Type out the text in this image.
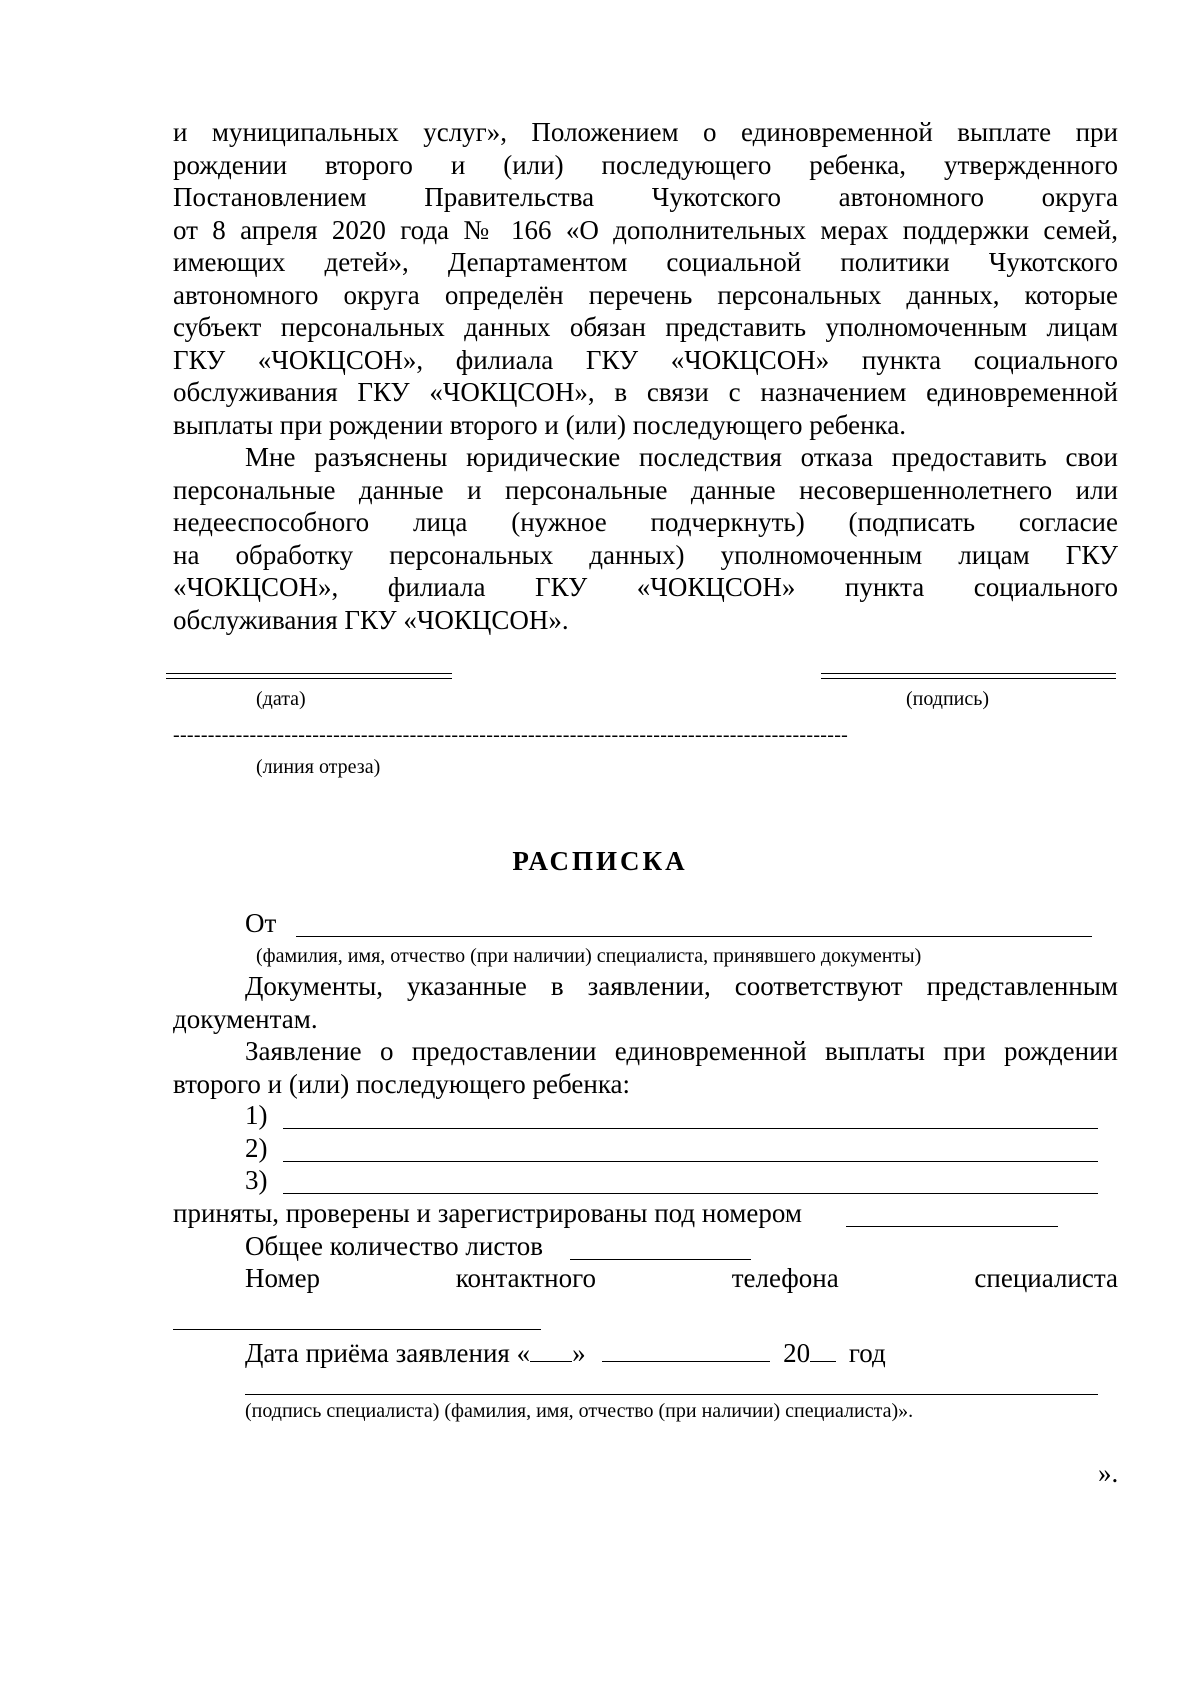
и муниципальных услуг», Положением о единовременной выплате при
рождении второго и (или) последующего ребенка, утвержденного
Постановлением Правительства Чукотского автономного округа
от 8 апреля 2020 года № 166 «О дополнительных мерах поддержки семей,
имеющих детей», Департаментом социальной политики Чукотского
автономного округа определён перечень персональных данных, которые
субъект персональных данных обязан представить уполномоченным лицам
ГКУ «ЧОКЦСОН», филиала ГКУ «ЧОКЦСОН» пункта социального
обслуживания ГКУ «ЧОКЦСОН», в связи с назначением единовременной
выплаты при рождении второго и (или) последующего ребенка.
Мне разъяснены юридические последствия отказа предоставить свои
персональные данные и персональные данные несовершеннолетнего или
недееспособного лица (нужное подчеркнуть) (подписать согласие
на обработку персональных данных) уполномоченным лицам ГКУ
«ЧОКЦСОН», филиала ГКУ «ЧОКЦСОН» пункта социального
обслуживания ГКУ «ЧОКЦСОН».
(дата)	(подпись)
-------------------------------------------------------------------------------------------------
(линия отреза)
РАСПИСКА
От
(фамилия, имя, отчество (при наличии) специалиста, принявшего документы)
Документы, указанные в заявлении, соответствуют представленным
документам.
Заявление о предоставлении единовременной выплаты при рождении
второго и (или) последующего ребенка:
1)
2)
3)
приняты, проверены и зарегистрированы под номером
Общее количество листов
Номер	контактного	телефона	специалиста
Дата приёма заявления « »	20 год
(подпись специалиста) (фамилия, имя, отчество (при наличии) специалиста)».
».
